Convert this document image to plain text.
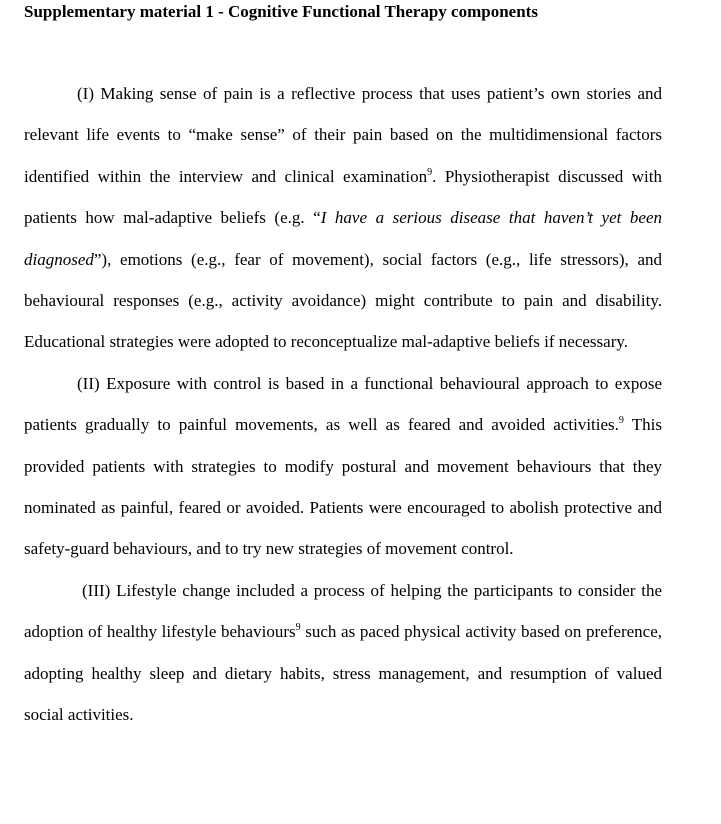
Supplementary material 1 - Cognitive Functional Therapy components

(I) Making sense of pain is a reflective process that uses patient’s own stories and relevant life events to “make sense” of their pain based on the multidimensional factors identified within the interview and clinical examination$^9$. Physiotherapist discussed with patients how mal-adaptive beliefs (e.g. “I have a serious disease that haven’t yet been diagnosed”), emotions (e.g., fear of movement), social factors (e.g., life stressors), and behavioural responses (e.g., activity avoidance) might contribute to pain and disability. Educational strategies were adopted to reconceptualize mal-adaptive beliefs if necessary.

(II) Exposure with control is based in a functional behavioural approach to expose patients gradually to painful movements, as well as feared and avoided activities.$^9$ This provided patients with strategies to modify postural and movement behaviours that they nominated as painful, feared or avoided. Patients were encouraged to abolish protective and safety-guard behaviours, and to try new strategies of movement control.

(III) Lifestyle change included a process of helping the participants to consider the adoption of healthy lifestyle behaviours$^9$ such as paced physical activity based on preference, adopting healthy sleep and dietary habits, stress management, and resumption of valued social activities.
